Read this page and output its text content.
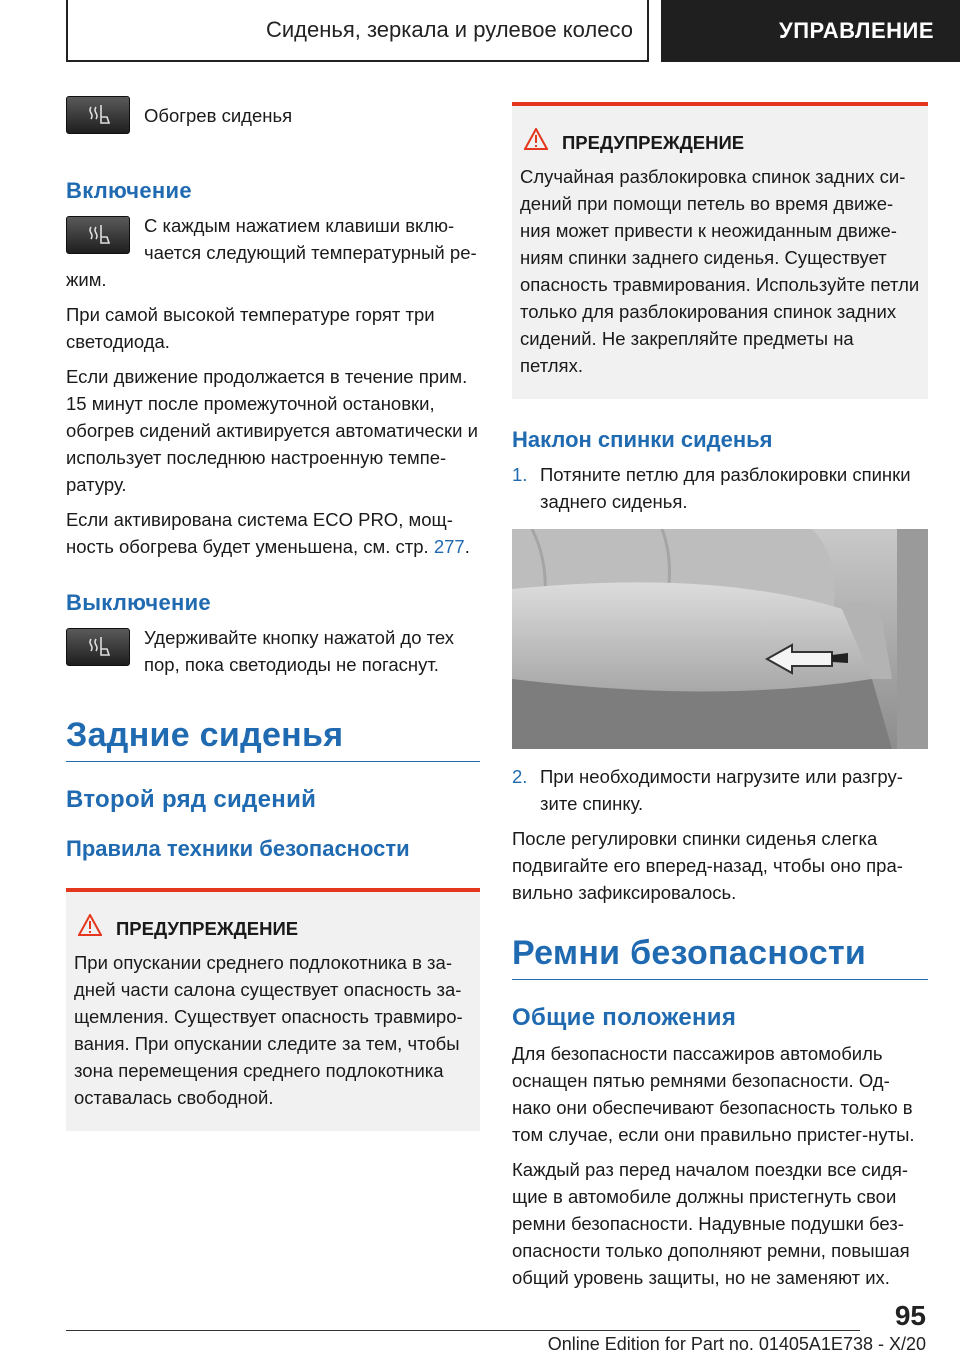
Сиденья, зеркала и рулевое колесо	УПРАВЛЕНИЕ

Обогрев сиденья

Включение

С каждым нажатием клавиши вклю-чается следующий температурный ре-жим.

При самой высокой температуре горят три светодиода.

Если движение продолжается в течение прим. 15 минут после промежуточной остановки, обогрев сидений активируется автоматически и использует последнюю настроенную темпе-ратуру.

Если активирована система ECO PRO, мощ-ность обогрева будет уменьшена, см. стр. 277.

Выключение

Удерживайте кнопку нажатой до тех пор, пока светодиоды не погаснут.

Задние сиденья
Второй ряд сидений
Правила техники безопасности
ПРЕДУПРЕЖДЕНИЕ

При опускании среднего подлокотника в за-дней части салона существует опасность за-щемления. Существует опасность травмиро-вания. При опускании следите за тем, чтобы зона перемещения среднего подлокотника оставалась свободной.

ПРЕДУПРЕЖДЕНИЕ

Случайная разблокировка спинок задних си-дений при помощи петель во время движе-ния может привести к неожиданным движе-ниям спинки заднего сиденья. Существует опасность травмирования. Используйте петли только для разблокирования спинок задних сидений. Не закрепляйте предметы на петлях.

Наклон спинки сиденья
1. Потяните петлю для разблокировки спинки заднего сиденья.
2. При необходимости нагрузите или разгру-зите спинку.

После регулировки спинки сиденья слегка подвигайте его вперед-назад, чтобы оно пра-вильно зафиксировалось.

Ремни безопасности
Общие положения

Для безопасности пассажиров автомобиль оснащен пятью ремнями безопасности. Од-нако они обеспечивают безопасность только в том случае, если они правильно пристег-нуты.

Каждый раз перед началом поездки все сидя-щие в автомобиле должны пристегнуть свои ремни безопасности. Надувные подушки без-опасности только дополняют ремни, повышая общий уровень защиты, но не заменяют их.

95
Online Edition for Part no. 01405A1E738 - X/20
